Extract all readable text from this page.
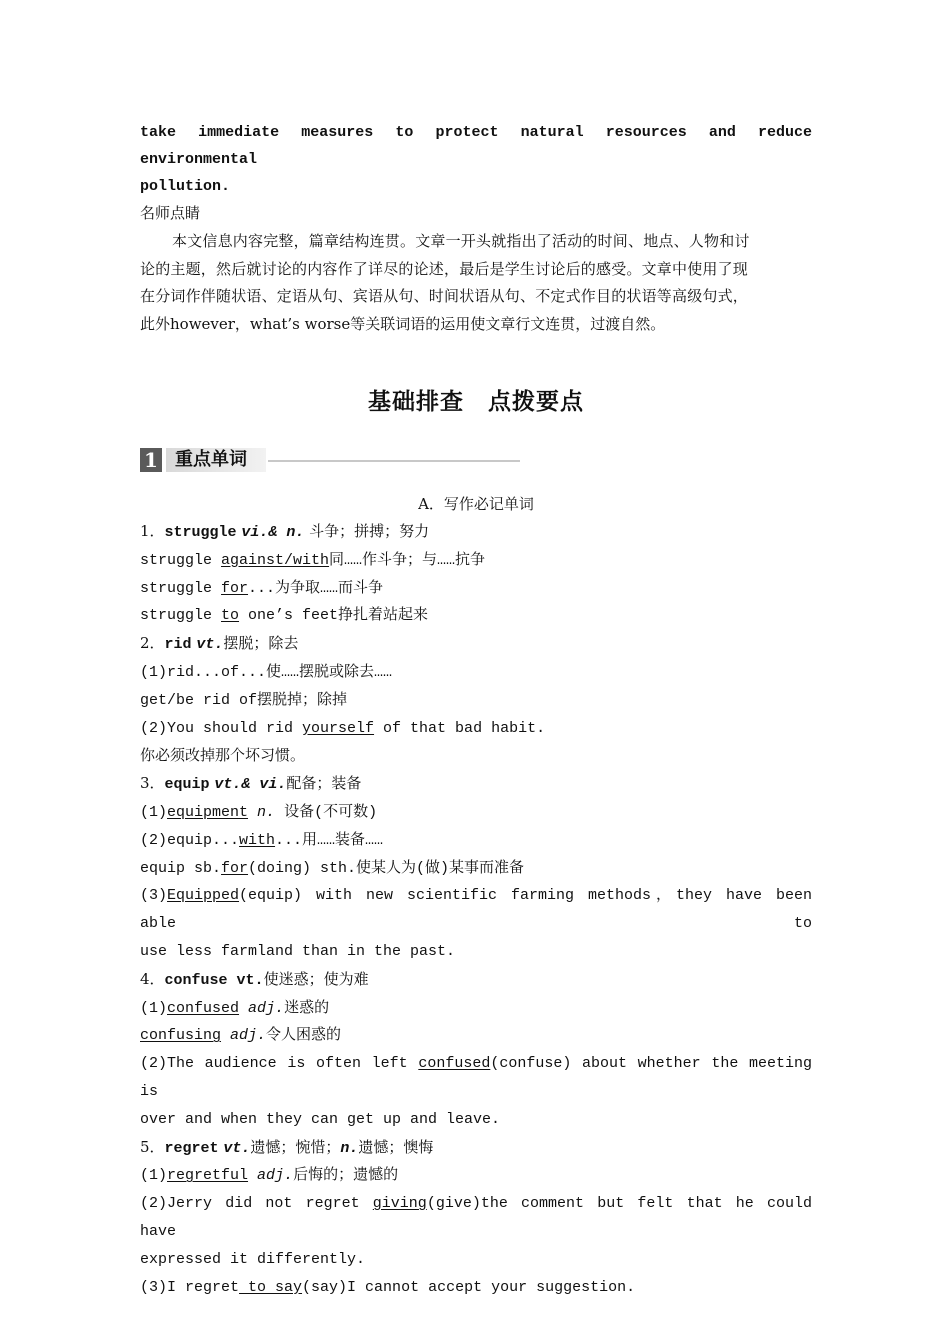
take immediate measures to protect natural resources and reduce environmental
pollution.
名师点睛
本文信息内容完整，篇章结构连贯。文章一开头就指出了活动的时间、地点、人物和讨
论的主题，然后就讨论的内容作了详尽的论述，最后是学生讨论后的感受。文章中使用了现
在分词作伴随状语、定语从句、宾语从句、时间状语从句、不定式作目的状语等高级句式，
此外however，what’s worse等关联词语的运用使文章行文连贯，过渡自然。
基础排查 点拨要点
1 重点单词
A．写作必记单词
1．struggle vi.& n. 斗争；拼搏；努力
struggle against/with同……作斗争；与……抗争
struggle for...为争取……而斗争
struggle to one’s feet挣扎着站起来
2．rid vt.摆脱；除去
(1)rid...of...使……摆脱或除去……
get/be rid of摆脱掉；除掉
(2)You should rid yourself of that bad habit.
你必须改掉那个坏习惯。
3．equip vt.& vi.配备；装备
(1)equipment n. 设备(不可数)
(2)equip...with...用……装备……
equip sb.for(doing) sth.使某人为(做)某事而准备
(3)Equipped(equip) with new scientific farming methods，they have been able to
use less farmland than in the past.
4．confuse vt.使迷惑；使为难
(1)confused adj.迷惑的
confusing adj.令人困惑的
(2)The audience is often left confused(confuse) about whether the meeting is
over and when they can get up and leave.
5．regret vt.遗憾；惋惜；n.遗憾；懊悔
(1)regretful adj.后悔的；遗憾的
(2)Jerry did not regret giving(give)the comment but felt that he could have
expressed it differently.
(3)I regret to say(say)I cannot accept your suggestion.
